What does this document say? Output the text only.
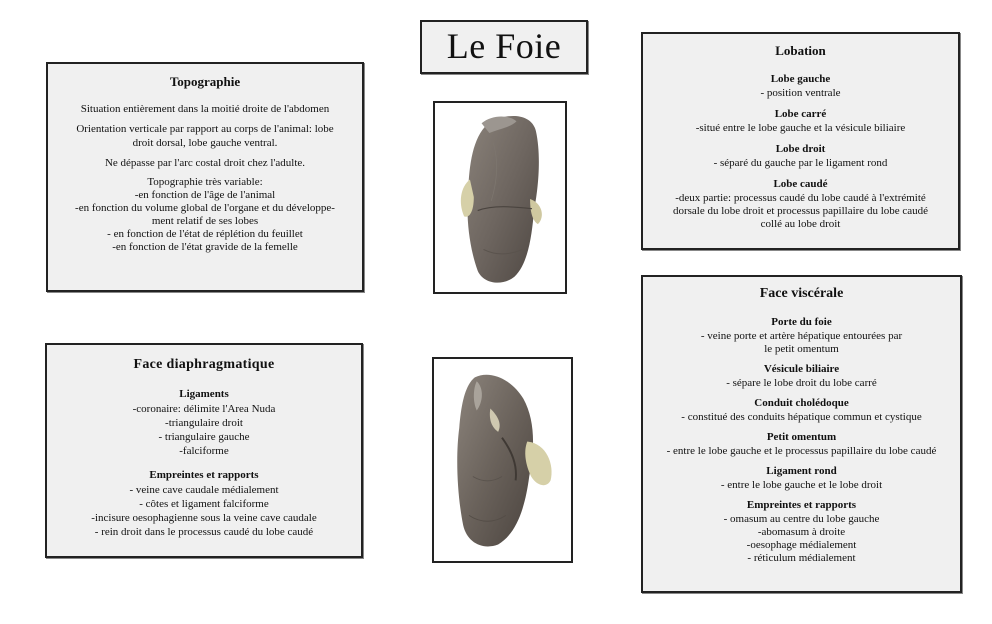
Le Foie
Topographie
Situation entièrement dans la moitié droite de l'abdomen
Orientation verticale par rapport au corps de l'animal: lobe
droit dorsal, lobe gauche ventral.
Ne dépasse par l'arc costal droit chez l'adulte.
Topographie très variable:
-en fonction de l'âge de l'animal
-en fonction du volume global de l'organe et du développe-
ment relatif de ses lobes
- en fonction de l'état de réplétion du feuillet
-en fonction de l'état gravide de la femelle
Face diaphragmatique
Ligaments
-coronaire: délimite l'Area Nuda
-triangulaire droit
- triangulaire gauche
-falciforme
Empreintes et rapports
- veine cave caudale médialement
- côtes et ligament falciforme
-incisure oesophagienne sous la veine cave caudale
- rein droit dans le processus caudé du lobe caudé
Lobation
Lobe gauche
- position ventrale
Lobe carré
-situé entre le lobe gauche et la vésicule biliaire
Lobe droit
- séparé du gauche par le ligament rond
Lobe caudé
-deux partie: processus caudé du lobe caudé à l'extrémité
dorsale du lobe droit et processus papillaire du lobe caudé
collé au lobe droit
Face viscérale
Porte du foie
- veine porte et artère hépatique entourées par
le petit omentum
Vésicule biliaire
- sépare le lobe droit du lobe carré
Conduit cholédoque
- constitué des conduits hépatique commun et cystique
Petit omentum
- entre le lobe gauche et le processus papillaire du lobe caudé
Ligament rond
- entre le lobe gauche et le lobe droit
Empreintes et rapports
- omasum au centre du lobe gauche
-abomasum à droite
-oesophage médialement
- réticulum médialement
